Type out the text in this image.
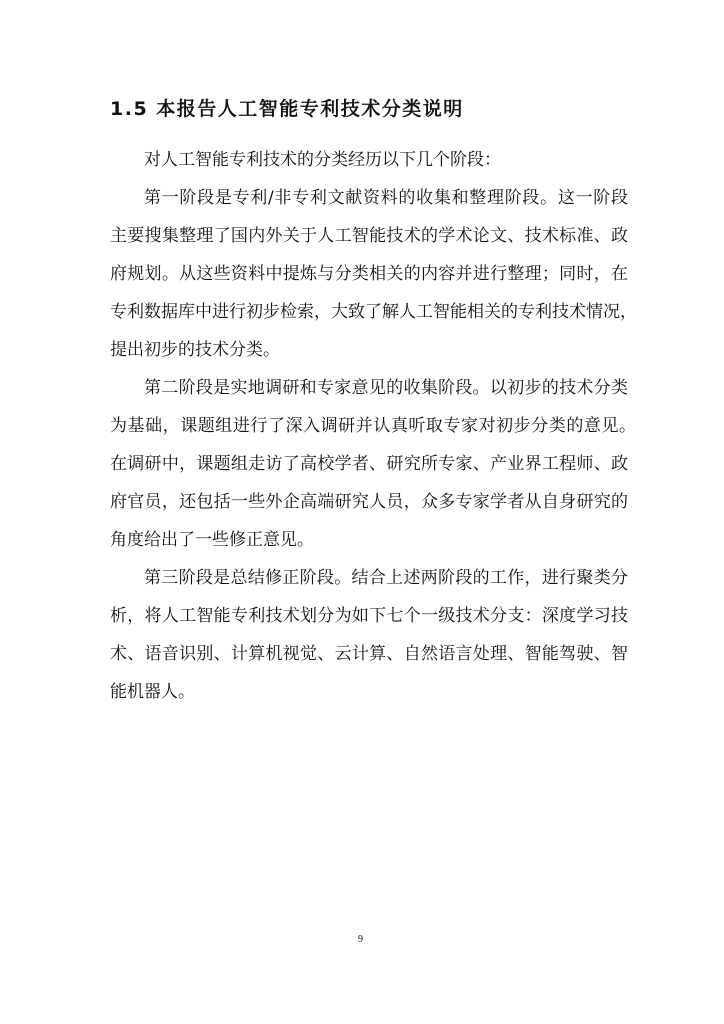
1.5 本报告人工智能专利技术分类说明
对人工智能专利技术的分类经历以下几个阶段：
第一阶段是专利/非专利文献资料的收集和整理阶段。这一阶段
主要搜集整理了国内外关于人工智能技术的学术论文、技术标准、政
府规划。从这些资料中提炼与分类相关的内容并进行整理；同时，在
专利数据库中进行初步检索，大致了解人工智能相关的专利技术情况，
提出初步的技术分类。
第二阶段是实地调研和专家意见的收集阶段。以初步的技术分类
为基础，课题组进行了深入调研并认真听取专家对初步分类的意见。
在调研中，课题组走访了高校学者、研究所专家、产业界工程师、政
府官员，还包括一些外企高端研究人员，众多专家学者从自身研究的
角度给出了一些修正意见。
第三阶段是总结修正阶段。结合上述两阶段的工作，进行聚类分
析，将人工智能专利技术划分为如下七个一级技术分支：深度学习技
术、语音识别、计算机视觉、云计算、自然语言处理、智能驾驶、智
能机器人。
9
